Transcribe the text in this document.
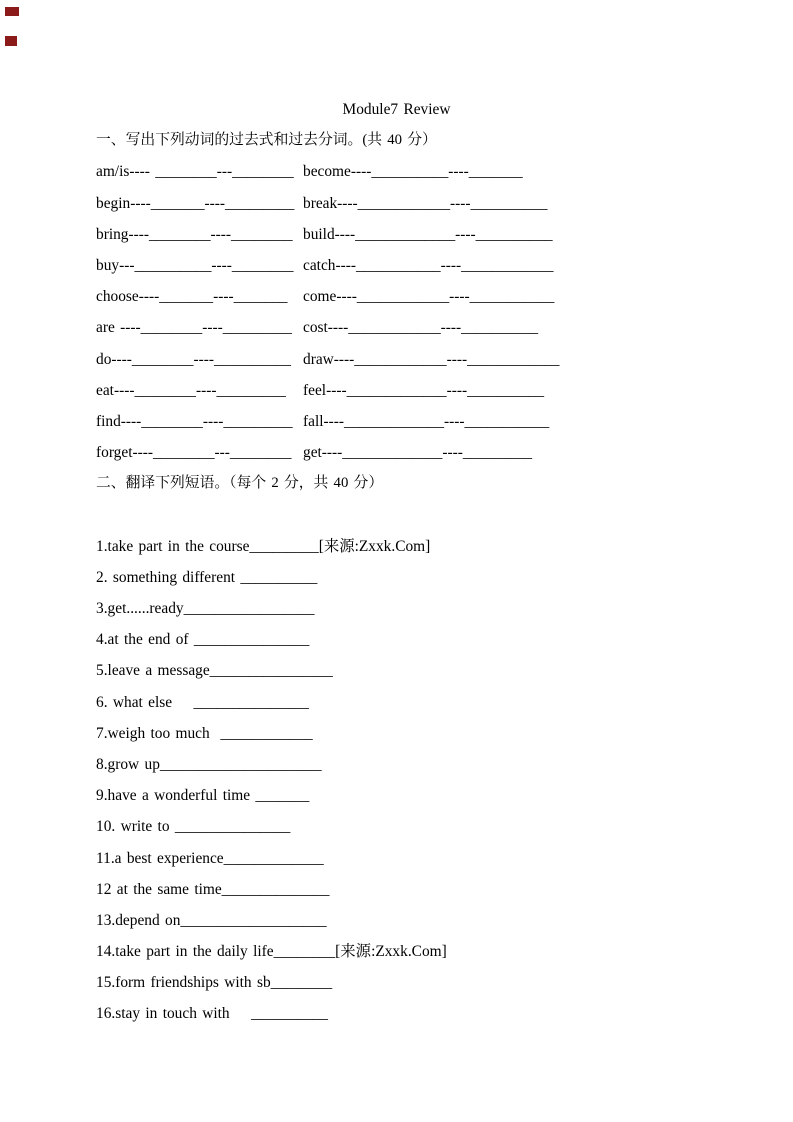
Module7 Review
一、写出下列动词的过去式和过去分词。(共 40 分）
am/is---- ________---________ become----__________----_______
begin----_______----_________ break----____________----__________
bring----________----________ build----_____________----__________
buy---__________----________ catch----___________----____________
choose----_______----_______	come----____________----___________
are ----________----_________ cost----____________----__________
do----________----__________ draw----____________----____________
eat----________----_________	feel----_____________----__________
find----________----_________ fall----_____________----___________
forget----________---________ get----_____________----_________
二、翻译下列短语。（每个 2 分，共 40 分）
1.take part in the course_________[来源:Zxxk.Com]
2. something different __________
3.get......ready_________________
4.at the end of _______________
5.leave a message________________
6. what else    _______________
7.weigh too much  ____________
8.grow up_____________________
9.have a wonderful time _______
10. write to _______________
11.a best experience_____________
12 at the same time______________
13.depend on___________________
14.take part in the daily life________[来源:Zxxk.Com]
15.form friendships with sb________
16.stay in touch with    __________
